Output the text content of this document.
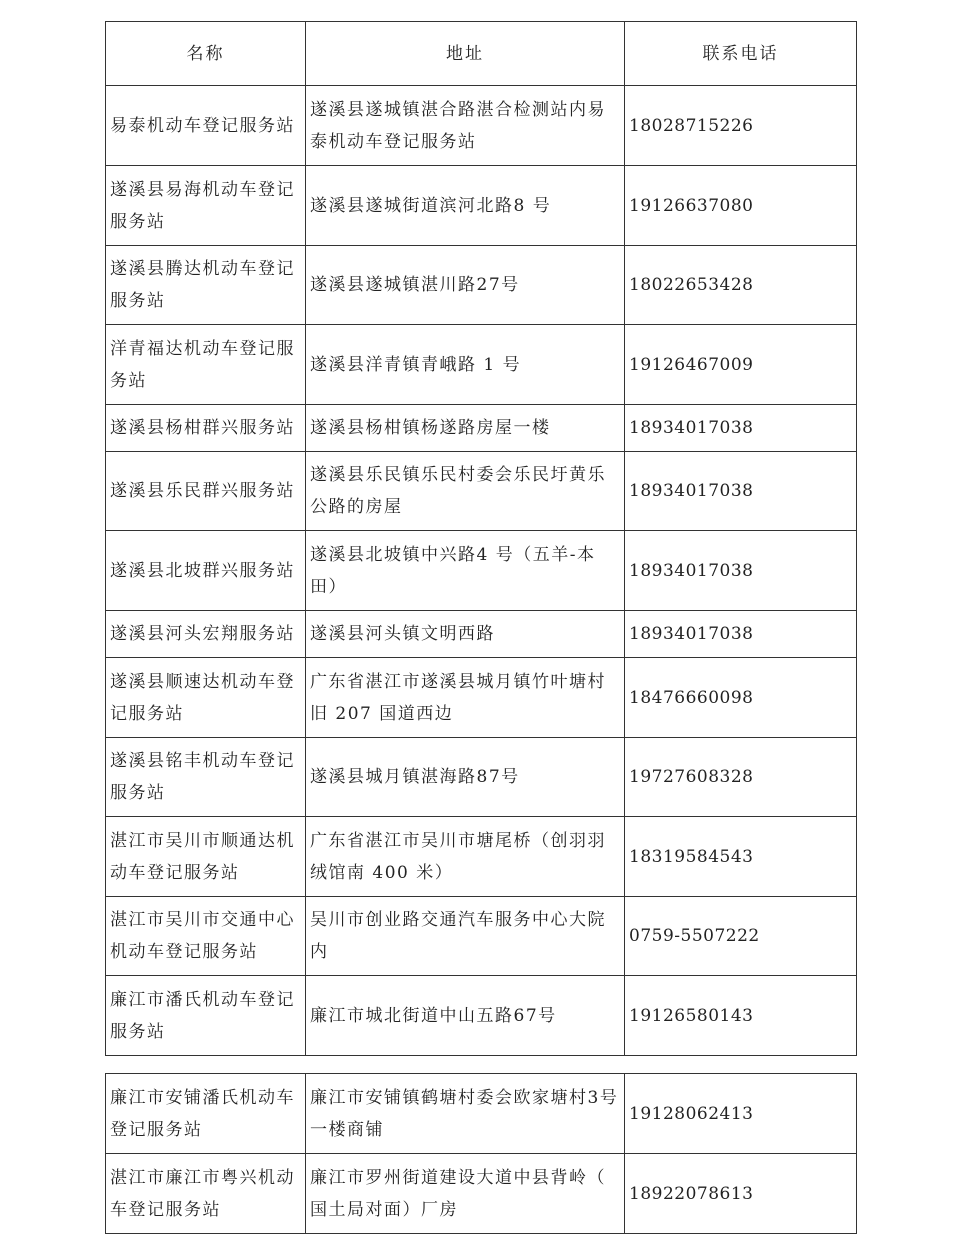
名称	地址	联系电话
易泰机动车登记服务站	遂溪县遂城镇湛合路湛合检测站内易泰机动车登记服务站	18028715226
遂溪县易海机动车登记服务站	遂溪县遂城街道滨河北路8 号	19126637080
遂溪县腾达机动车登记服务站	遂溪县遂城镇湛川路27号	18022653428
洋青福达机动车登记服务站	遂溪县洋青镇青峨路 1 号	19126467009
遂溪县杨柑群兴服务站	遂溪县杨柑镇杨遂路房屋一楼	18934017038
遂溪县乐民群兴服务站	遂溪县乐民镇乐民村委会乐民圩黄乐公路的房屋	18934017038
遂溪县北坡群兴服务站	遂溪县北坡镇中兴路4 号（五羊-本田）	18934017038
遂溪县河头宏翔服务站	遂溪县河头镇文明西路	18934017038
遂溪县顺速达机动车登记服务站	广东省湛江市遂溪县城月镇竹叶塘村旧 207 国道西边	18476660098
遂溪县铭丰机动车登记服务站	遂溪县城月镇湛海路87号	19727608328
湛江市吴川市顺通达机动车登记服务站	广东省湛江市吴川市塘尾桥（创羽羽绒馆南 400 米）	18319584543
湛江市吴川市交通中心机动车登记服务站	吴川市创业路交通汽车服务中心大院内	0759-5507222
廉江市潘氏机动车登记服务站	廉江市城北街道中山五路67号	19126580143
廉江市安铺潘氏机动车登记服务站	廉江市安铺镇鹤塘村委会欧家塘村3号一楼商铺	19128062413
湛江市廉江市粤兴机动车登记服务站	廉江市罗州街道建设大道中县背岭（ 国土局对面）厂房	18922078613
